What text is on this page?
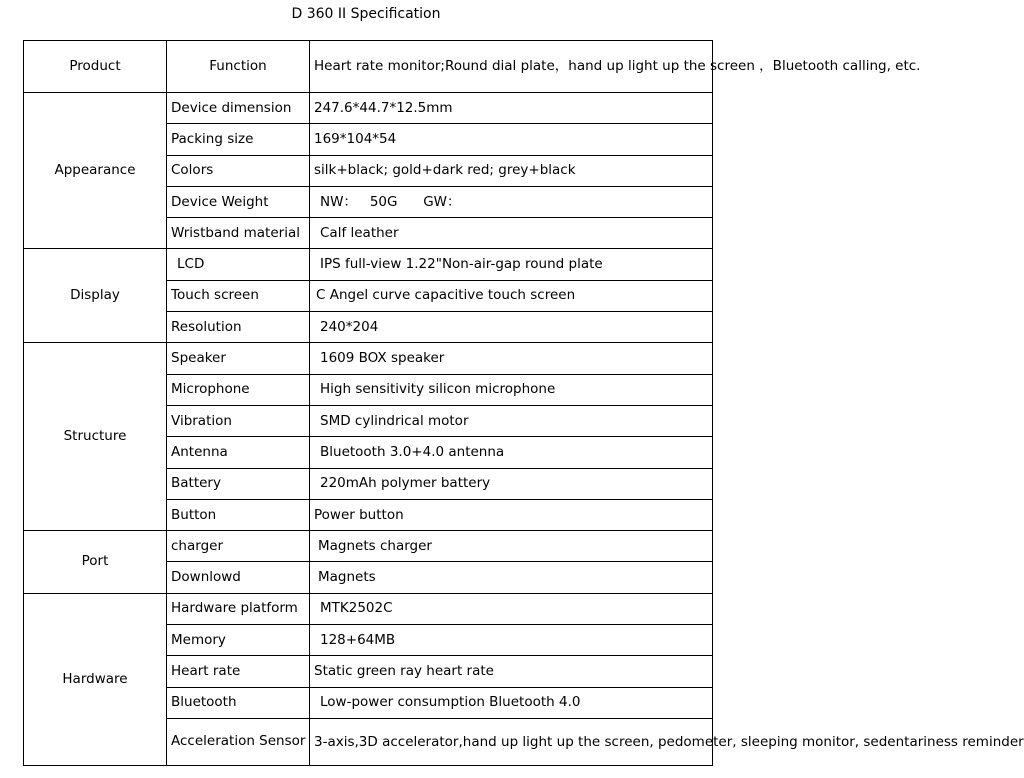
D 360 II Specification
Product	Function	Heart rate monitor;Round dial plate，hand up light up the screen ，Bluetooth calling, etc.
Appearance	Device dimension	247.6*44.7*12.5mm
	Packing size	169*104*54
	Colors	silk+black; gold+dark red; grey+black
	Device Weight	NW：   50G      GW：
	Wristband material	Calf leather
Display	LCD	IPS full-view 1.22"Non-air-gap round plate
	Touch screen	C Angel curve capacitive touch screen
	Resolution	240*204
Structure	Speaker	1609 BOX speaker
	Microphone	High sensitivity silicon microphone
	Vibration	SMD cylindrical motor
	Antenna	Bluetooth 3.0+4.0 antenna
	Battery	220mAh polymer battery
	Button	Power button
Port	charger	Magnets charger
	Downlowd	Magnets
Hardware	Hardware platform	MTK2502C
	Memory	128+64MB
	Heart rate	Static green ray heart rate
	Bluetooth	Low-power consumption Bluetooth 4.0
	Acceleration Sensor	3-axis,3D accelerator,hand up light up the screen, pedometer, sleeping monitor, sedentariness reminder
